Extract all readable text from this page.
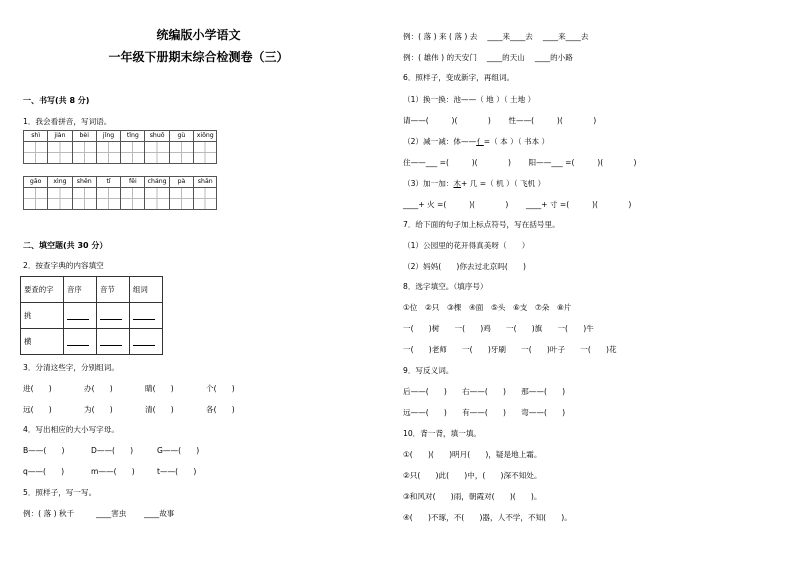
统编版小学语文
一年级下册期末综合检测卷（三）
一、书写(共 8 分)
1．我会看拼音，写词语。
shì	jiàn	bèi	jǐng	tǐng	shuō	gù	xiōng
gāo	xìng	shēn	tǐ	fēi	cháng	pà	shān
二、填空题(共 30 分）
2．按查字典的内容填空
要查的字	音序	音节	组词
挑			
横			
3．分清这些字，分别组词。
进(　　)	办(　　)	睛(　　)	个(　　)
远(　　)	为(　　)	清(　　)	各(　　)
4．写出相应的大小写字母。
B——(　　)	D——(　　)	G——(　　)
q——(　　)	m——(　　)	t——(　　)
5．照样子，写一写。
例：( 落 ) 秋千	____害虫 ____故事
例：( 落 ) 来 ( 落 ) 去　 ____来____去　 ____来____去
例：( 雄伟 ) 的天安门　 ____的天山　 ____的小路
6．照样子，变成新字，再组词。
（1）换一换：池——（ 地 ）（ 土地 ）
请——(　　　)(　　　　)　　 性——(　　　)(　　　　)
（2）减一减：体——亻=（ 本 ）（ 书本 ）
住——___ =(　　　)(　　　　)　　 阳——___ =(　　　)(　　　　)
（3）加一加：木+ 几 =（ 机 ）（ 飞机 ）
____+ 火 =(　　　)(　　　　)　　 ____+ 寸 =(　　　)(　　　　)
7．给下面的句子加上标点符号，写在括号里。
（1）公园里的花开得真美呀（　　）
（2）妈妈(　　)你去过北京吗(　　)
8．选字填空。（填序号）
①位　②只　③棵　④面　⑤头　⑥支　⑦朵　⑧片
一(　　)树　　一(　　)鸡　　一(　　)旗　　一(　　)牛
一(　　)老师　　一(　　)牙刷　　一(　　)叶子　　一(　　)花
9．写反义词。
后——(　　)　　右——(　　)　　那——(　　)
远——(　　)　　有——(　　)　　弯——(　　)
10．背一背，填一填。
①(　　)(　　)明月(　　)，疑是地上霜。
②只(　　)此(　　)中，(　　)深不知处。
③和风对(　　)雨，朝霞对(　　)(　　)。
④(　　)不琢，不(　　)器，人不学，不知(　　)。
